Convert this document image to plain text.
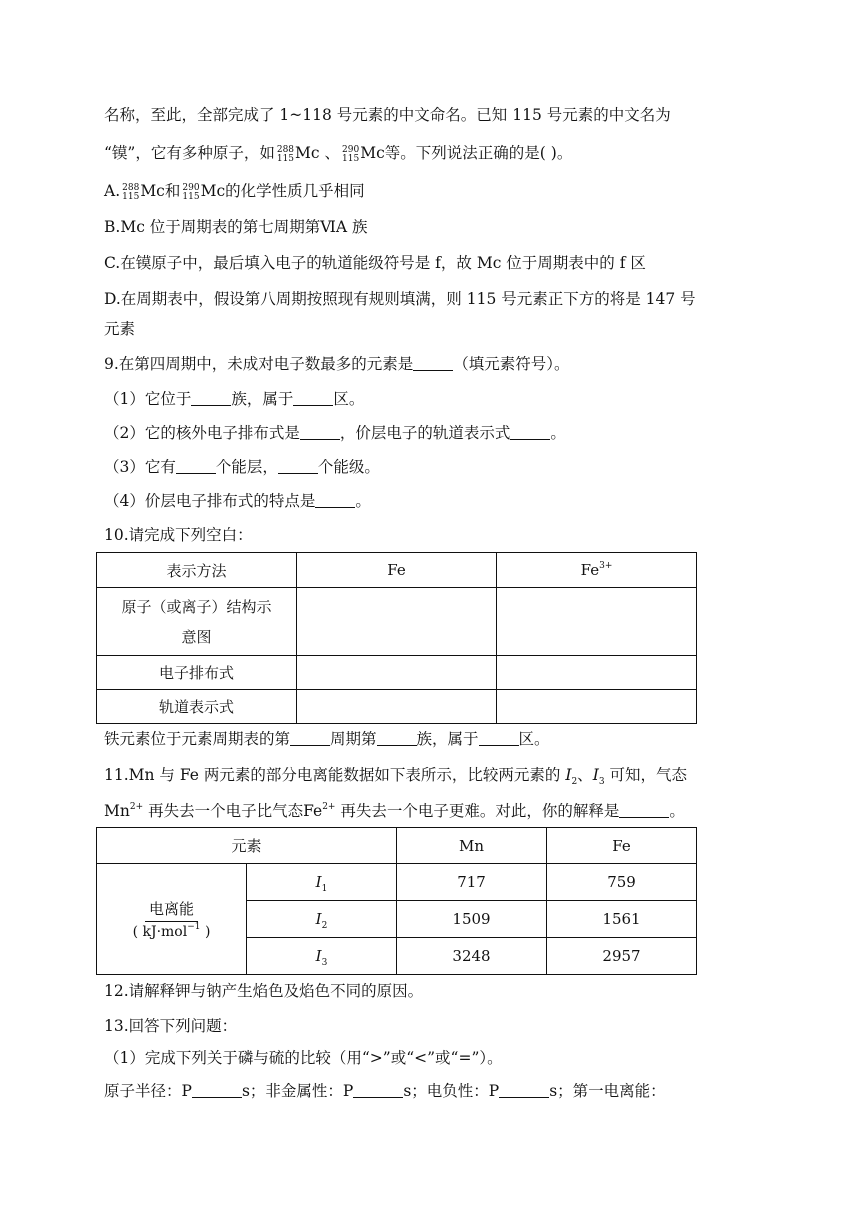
名称，至此，全部完成了 1~118 号元素的中文命名。已知 115 号元素的中文名为
“镆”，它有多种原子，如 288
115 Mc 、 290
115 Mc等。下列说法正确的是( )。
A. 288
115 Mc和 290
115 Mc的化学性质几乎相同
B.Mc 位于周期表的第七周期第ⅥA 族
C.在镆原子中，最后填入电子的轨道能级符号是 f，故 Mc 位于周期表中的 f 区
D.在周期表中，假设第八周期按照现有规则填满，则 115 号元素正下方的将是 147 号
元素
9.在第四周期中，未成对电子数最多的元素是	（填元素符号）。
（1）它位于	族，属于	区。
（2）它的核外电子排布式是	，价层电子的轨道表示式	。
（3）它有	个能层，	个能级。
（4）价层电子排布式的特点是	。
10.请完成下列空白：
表示方法	Fe	$Fe^{3+}$
原子（或离子）结构示
意图		
电子排布式		
轨道表示式		
铁元素位于元素周期表的第	周期第	族，属于	区。
11.Mn 与 Fe 两元素的部分电离能数据如下表所示，比较两元素的 $I_2$、$I_3$ 可知，气态
$Mn^{2+}$ 再失去一个电子比气态$Fe^{2+}$ 再失去一个电子更难。对此，你的解释是	。
元素		Mn	Fe

$\frac{\text{电离能}}{( kJ\cdot mol^{-1} )}$	$I_1$	717	759
	$I_2$	1509	1561
	$I_3$	3248	2957
12.请解释钾与钠产生焰色及焰色不同的原因。
13.回答下列问题：
（1）完成下列关于磷与硫的比较（用“>”或“<”或“=”）。
原子半径：P	s；非金属性：P	s；电负性：P	s；第一电离能：
